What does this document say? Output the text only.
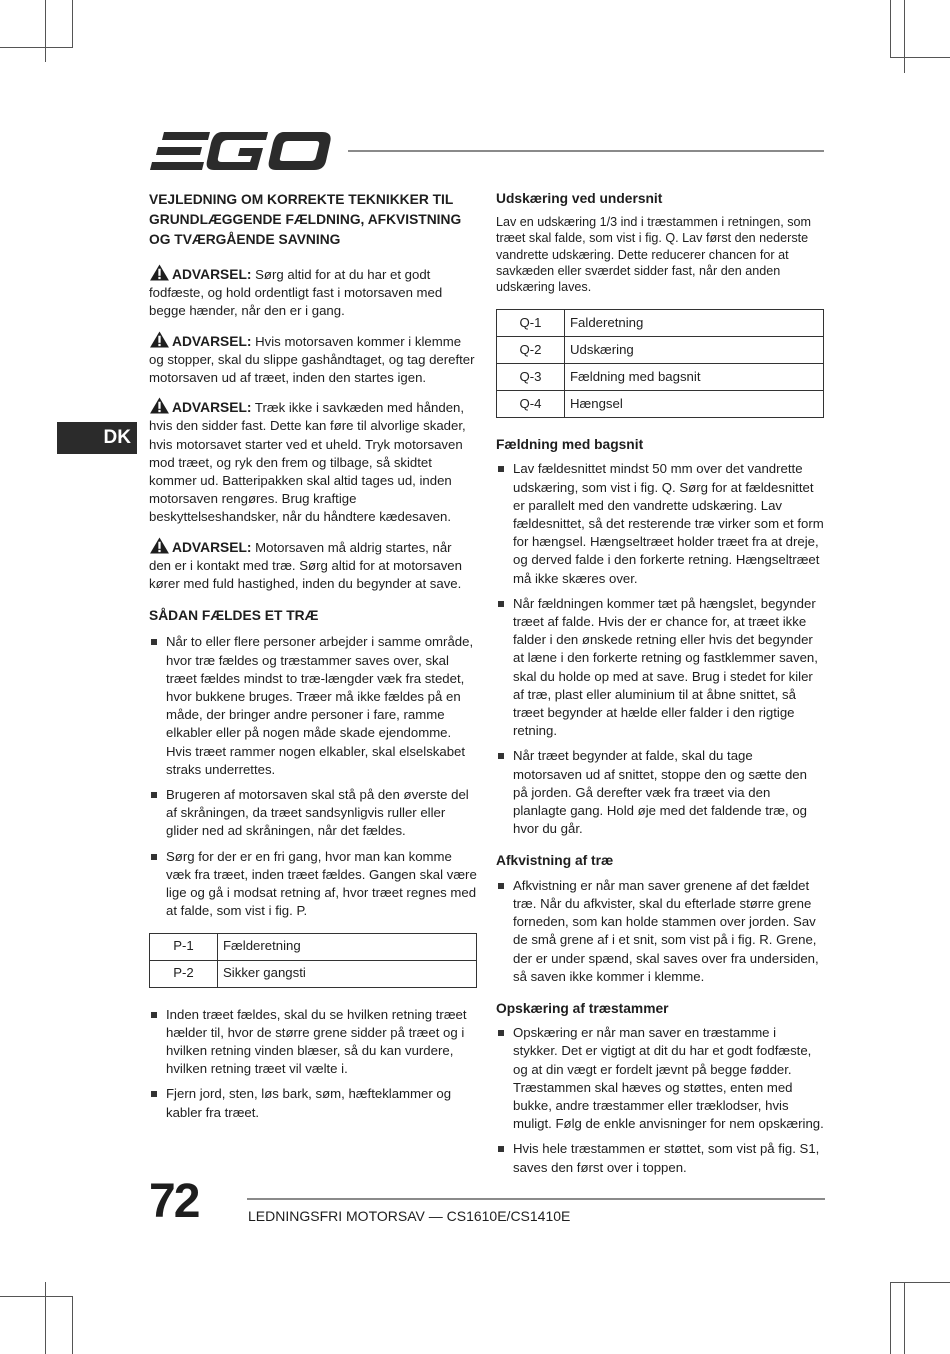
DK
VEJLEDNING OM KORREKTE TEKNIKKER TIL GRUNDLÆGGENDE FÆLDNING, AFKVISTNING OG TVÆRGÅENDE SAVNING

ADVARSEL: Sørg altid for at du har et godt fodfæste, og hold ordentligt fast i motorsaven med begge hænder, når den er i gang.

ADVARSEL: Hvis motorsaven kommer i klemme og stopper, skal du slippe gashåndtaget, og tag derefter motorsaven ud af træet, inden den startes igen.

ADVARSEL: Træk ikke i savkæden med hånden, hvis den sidder fast. Dette kan føre til alvorlige skader, hvis motorsavet starter ved et uheld. Tryk motorsaven mod træet, og ryk den frem og tilbage, så skidtet kommer ud. Batteripakken skal altid tages ud, inden motorsaven rengøres. Brug kraftige beskyttelseshandsker, når du håndtere kædesaven.

ADVARSEL: Motorsaven må aldrig startes, når den er i kontakt med træ. Sørg altid for at motorsaven kører med fuld hastighed, inden du begynder at save.

SÅDAN FÆLDES ET TRÆ
Når to eller flere personer arbejder i samme område, hvor træ fældes og træstammer saves over, skal træet fældes mindst to træ-længder væk fra stedet, hvor bukkene bruges. Træer må ikke fældes på en måde, der bringer andre personer i fare, ramme elkabler eller på nogen måde skade ejendomme. Hvis træet rammer nogen elkabler, skal elselskabet straks underrettes.
Brugeren af motorsaven skal stå på den øverste del af skråningen, da træet sandsynligvis ruller eller glider ned ad skråningen, når det fældes.
Sørg for der er en fri gang, hvor man kan komme væk fra træet, inden træet fældes. Gangen skal være lige og gå i modsat retning af, hvor træet regnes med at falde, som vist i fig. P.
P-1	Fælderetning
P-2	Sikker gangsti
Inden træet fældes, skal du se hvilken retning træet hælder til, hvor de større grene sidder på træet og i hvilken retning vinden blæser, så du kan vurdere, hvilken retning træet vil vælte i.
Fjern jord, sten, løs bark, søm, hæfteklammer og kabler fra træet.
Udskæring ved undersnit

Lav en udskæring 1/3 ind i træstammen i retningen, som træet skal falde, som vist i fig. Q. Lav først den nederste vandrette udskæring. Dette reducerer chancen for at savkæden eller sværdet sidder fast, når den anden udskæring laves.

Q-1	Falderetning
Q-2	Udskæring
Q-3	Fældning med bagsnit
Q-4	Hængsel
Fældning med bagsnit
Lav fældesnittet mindst 50 mm over det vandrette udskæring, som vist i fig. Q. Sørg for at fældesnittet er parallelt med den vandrette udskæring. Lav fældesnittet, så det resterende træ virker som et form for hængsel. Hængseltræet holder træet fra at dreje, og derved falde i den forkerte retning. Hængseltræet må ikke skæres over.
Når fældningen kommer tæt på hængslet, begynder træet af falde. Hvis der er chance for, at træet ikke falder i den ønskede retning eller hvis det begynder at læne i den forkerte retning og fastklemmer saven, skal du holde op med at save. Brug i stedet for kiler af træ, plast eller aluminium til at åbne snittet, så træet begynder at hælde eller falder i den rigtige retning.
Når træet begynder at falde, skal du tage motorsaven ud af snittet, stoppe den og sætte den på jorden. Gå derefter væk fra træet via den planlagte gang. Hold øje med det faldende træ, og hvor du går.
Afkvistning af træ
Afkvistning er når man saver grenene af det fældet træ. Når du afkvister, skal du efterlade større grene forneden, som kan holde stammen over jorden. Sav de små grene af i et snit, som vist på i fig. R. Grene, der er under spænd, skal saves over fra undersiden, så saven ikke kommer i klemme.
Opskæring af træstammer
Opskæring er når man saver en træstamme i stykker. Det er vigtigt at dit du har et godt fodfæste, og at din vægt er fordelt jævnt på begge fødder. Træstammen skal hæves og støttes, enten med bukke, andre træstammer eller træklodser, hvis muligt. Følg de enkle anvisninger for nem opskæring.
Hvis hele træstammen er støttet, som vist på fig. S1, saves den først over i toppen.
72	LEDNINGSFRI MOTORSAV — CS1610E/CS1410E
